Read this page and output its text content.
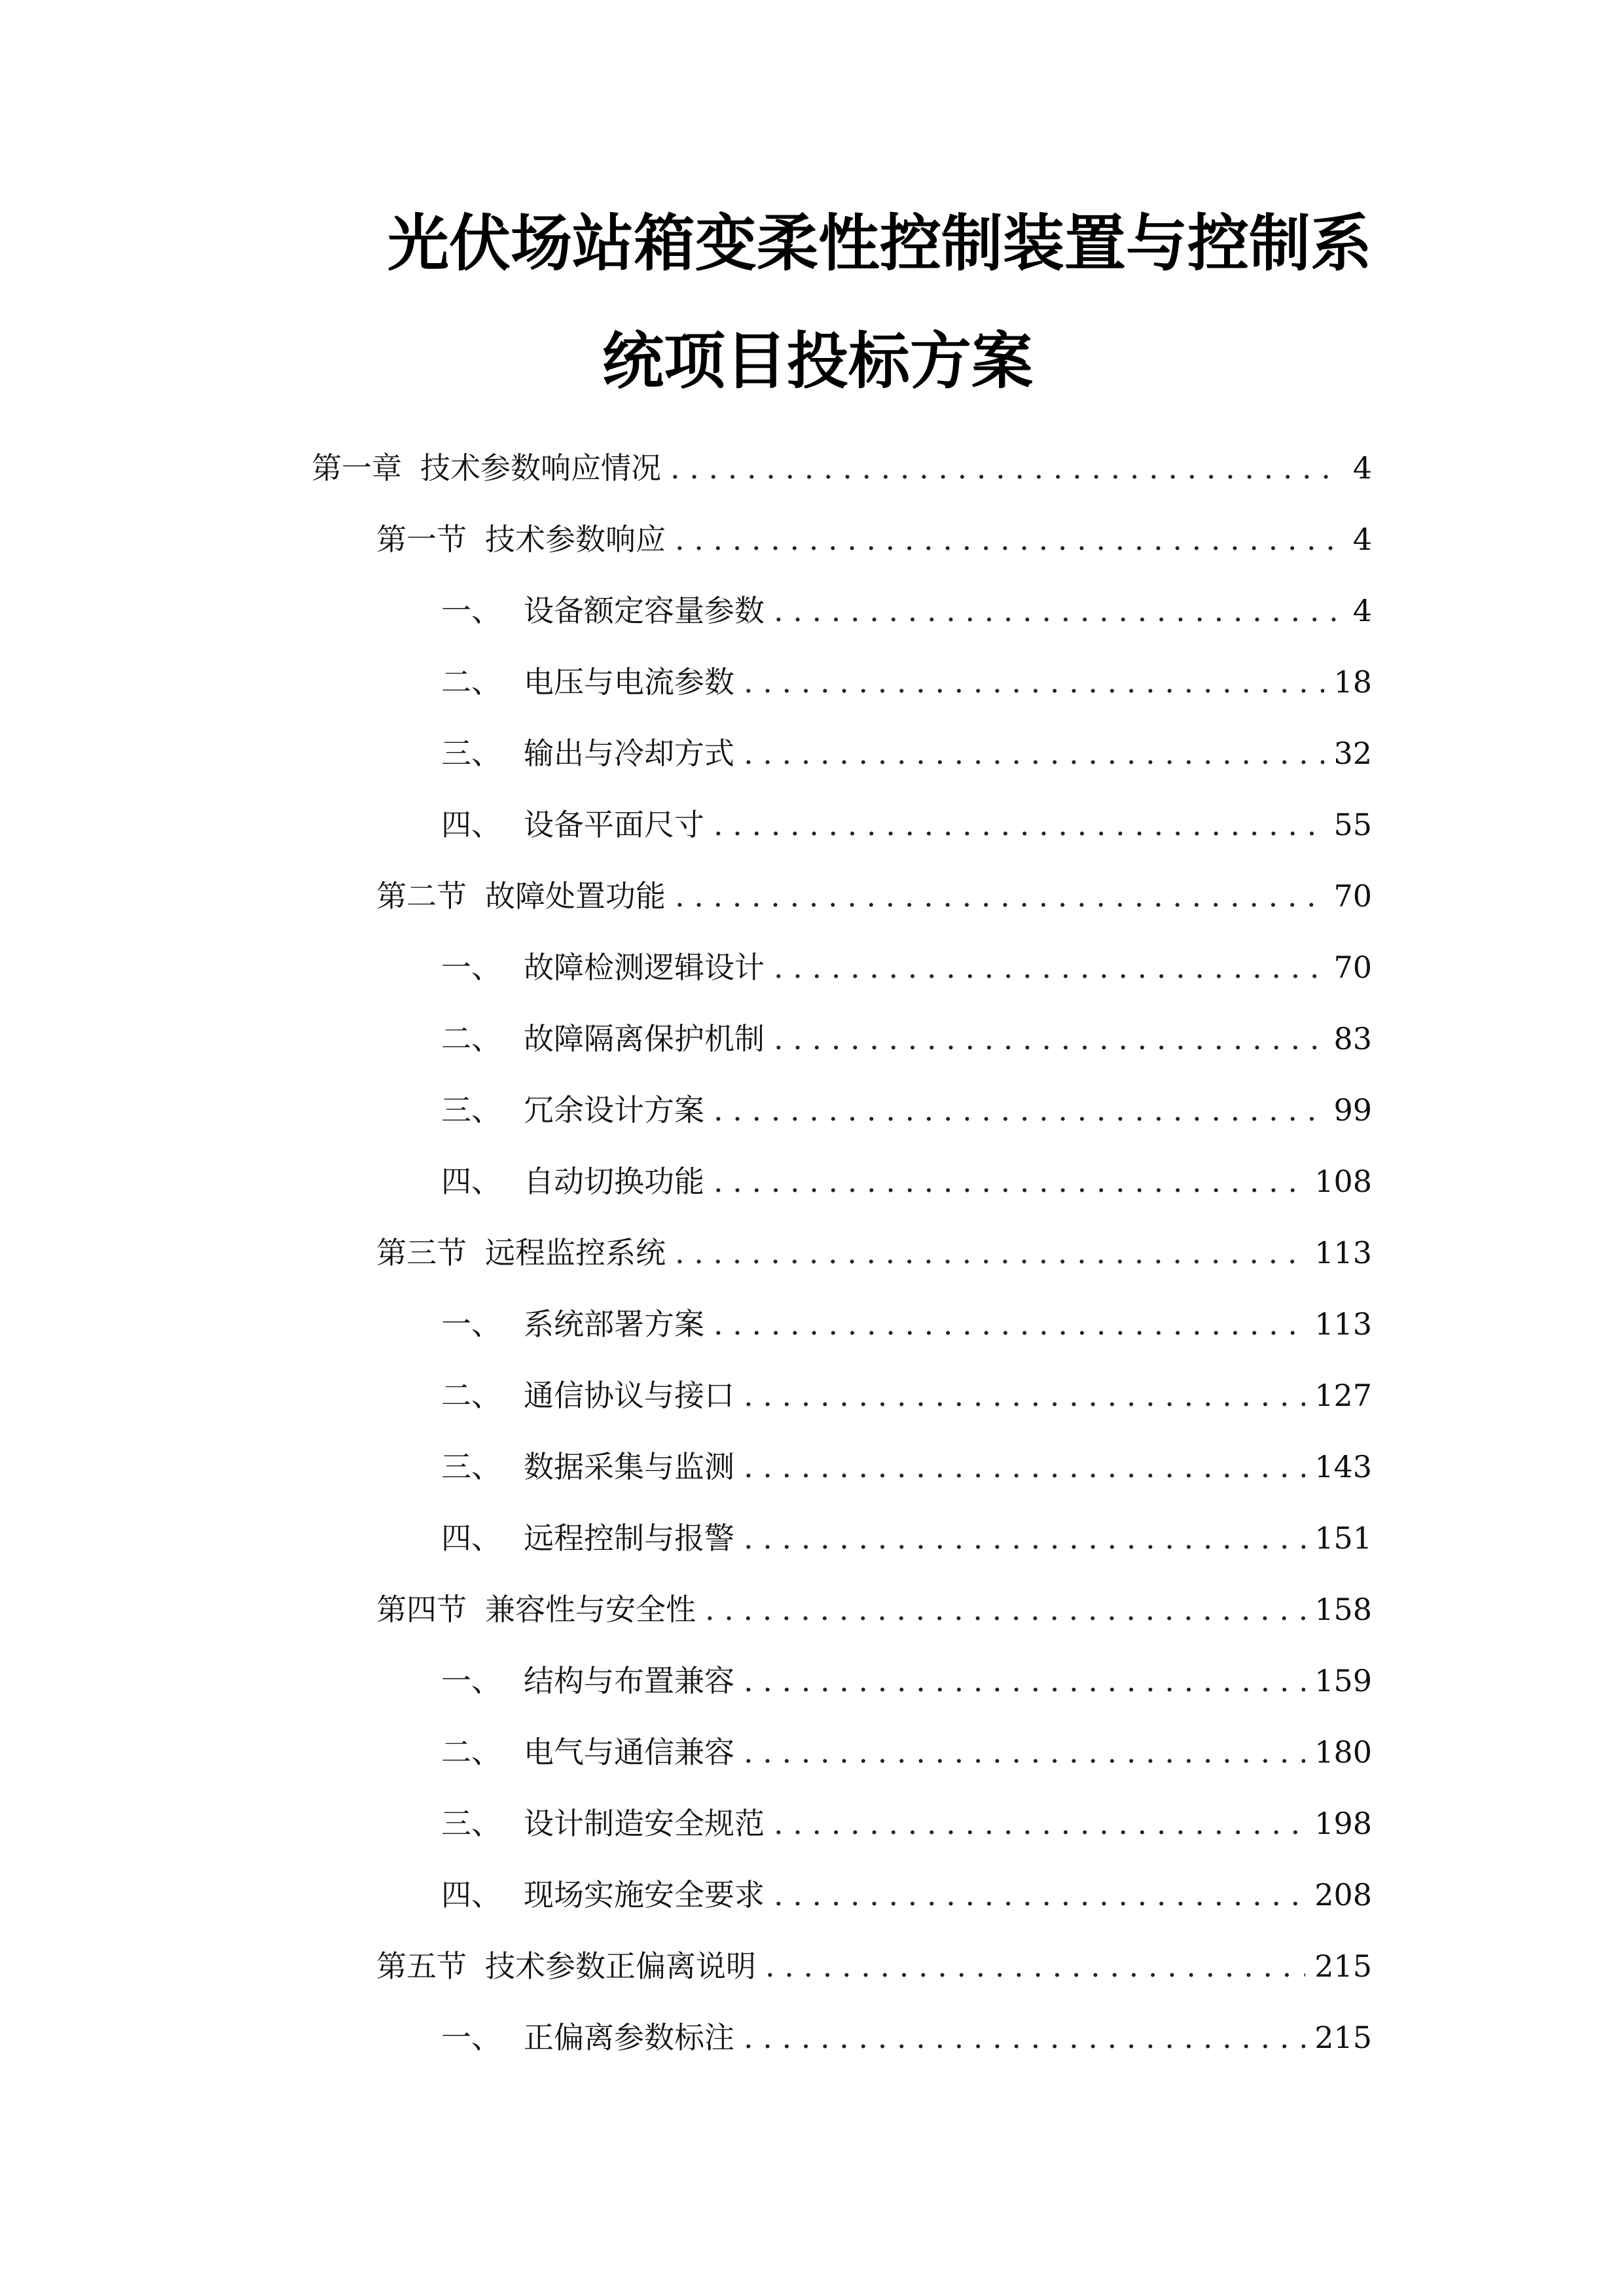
光伏场站箱变柔性控制装置与控制系
统项目投标方案
第一章 技术参数响应情况 . . .	4
第一节 技术参数响应 . . .	4
一、 设备额定容量参数 . . .	4
二、 电压与电流参数 . . .	18
三、 输出与冷却方式 . . .	32
四、 设备平面尺寸 . . .	55
第二节 故障处置功能 . . .	70
一、 故障检测逻辑设计 . . .	70
二、 故障隔离保护机制 . . .	83
三、 冗余设计方案 . . .	99
四、 自动切换功能 . . .	108
第三节 远程监控系统 . . .	113
一、 系统部署方案 . . .	113
二、 通信协议与接口 . . .	127
三、 数据采集与监测 . . .	143
四、 远程控制与报警 . . .	151
第四节 兼容性与安全性 . . .	158
一、 结构与布置兼容 . . .	159
二、 电气与通信兼容 . . .	180
三、 设计制造安全规范 . . .	198
四、 现场实施安全要求 . . .	208
第五节 技术参数正偏离说明 . . .	215
一、 正偏离参数标注 . . .	215
